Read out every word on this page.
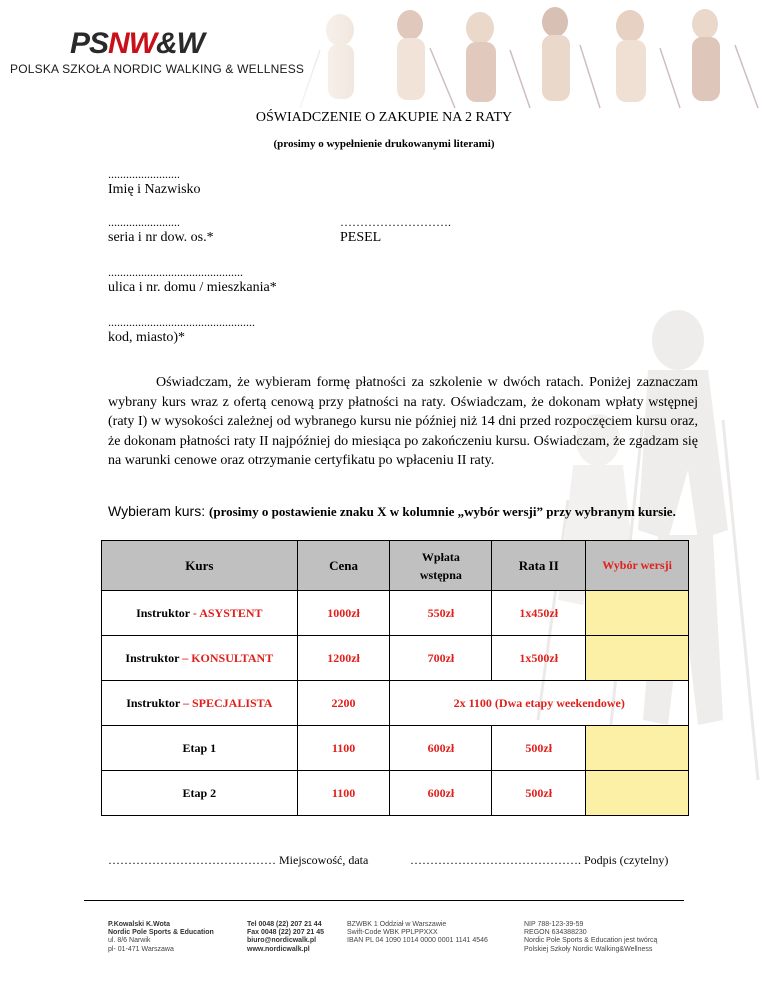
PSNW&W
POLSKA SZKOŁA NORDIC WALKING & WELLNESS
OŚWIADCZENIE O ZAKUPIE NA 2 RATY
(prosimy o wypełnienie drukowanymi literami)
........................
Imię i Nazwisko
........................
seria i nr dow. os.*
……………………….
PESEL
.............................................
ulica i nr. domu / mieszkania*
.................................................
kod, miasto)*

Oświadczam, że wybieram formę płatności za szkolenie w dwóch ratach. Poniżej zaznaczam wybrany kurs wraz z ofertą cenową przy płatności na raty. Oświadczam, że dokonam wpłaty wstępnej (raty I) w wysokości zależnej od wybranego kursu nie później niż 14 dni przed rozpoczęciem kursu oraz, że dokonam płatności raty II najpóźniej do miesiąca po zakończeniu kursu. Oświadczam, że zgadzam się na warunki cenowe oraz otrzymanie certyfikatu po wpłaceniu II raty.

Wybieram kurs: (prosimy o postawienie znaku X w kolumnie „wybór wersji” przy wybranym kursie.
Kurs	Cena	Wpłata wstępna	Rata II	Wybór wersji
Instruktor - ASYSTENT	1000zł	550zł	1x450zł	
Instruktor – KONSULTANT	1200zł	700zł	1x500zł	
Instruktor – SPECJALISTA	2200	2x 1100 (Dwa etapy weekendowe)		
Etap 1	1100	600zł	500zł	
Etap 2	1100	600zł	500zł	
…………………………………… Miejscowość, data	……………………………………. Podpis (czytelny)
P.Kowalski K.Wota
Nordic Pole Sports & Education
ul. 8/6 Narwik
pl- 01-471 Warszawa
Tel 0048 (22) 207 21 44
Fax 0048 (22) 207 21 45
biuro@nordicwalk.pl
www.nordicwalk.pl
BZWBK 1 Oddział w Warszawie
Swift-Code WBK PPLPPXXX
IBAN PL 04 1090 1014 0000 0001 1141 4546
NIP 788-123-39-59
REGON 634388230
Nordic Pole Sports & Education jest twórcą
Polskiej Szkoły Nordic Walking&Wellness
